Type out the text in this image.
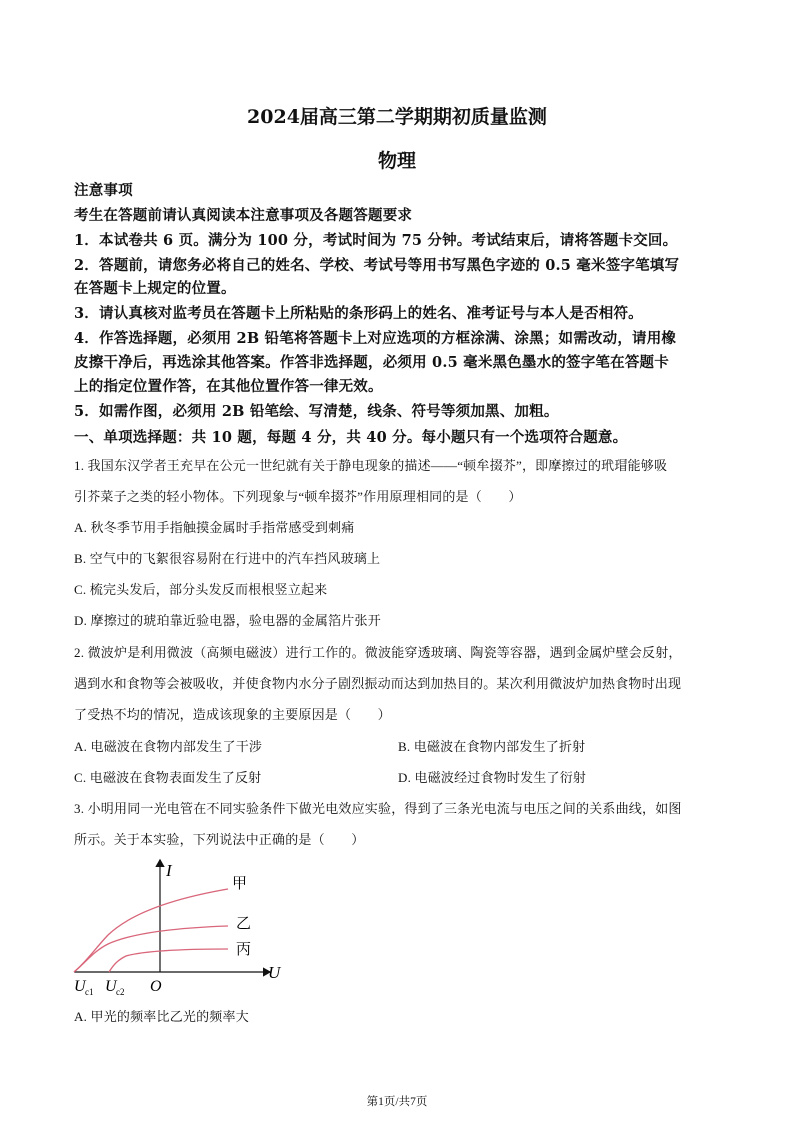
2024届高三第二学期期初质量监测
物理
注意事项
考生在答题前请认真阅读本注意事项及各题答题要求
1．本试卷共 6 页。满分为 100 分，考试时间为 75 分钟。考试结束后，请将答题卡交回。
2．答题前，请您务必将自己的姓名、学校、考试号等用书写黑色字迹的 0.5 毫米签字笔填写
在答题卡上规定的位置。
3．请认真核对监考员在答题卡上所粘贴的条形码上的姓名、准考证号与本人是否相符。
4．作答选择题，必须用 2B 铅笔将答题卡上对应选项的方框涂满、涂黑；如需改动，请用橡
皮擦干净后，再选涂其他答案。作答非选择题，必须用 0.5 毫米黑色墨水的签字笔在答题卡
上的指定位置作答，在其他位置作答一律无效。
5．如需作图，必须用 2B 铅笔绘、写清楚，线条、符号等须加黑、加粗。
一、单项选择题：共 10 题，每题 4 分，共 40 分。每小题只有一个选项符合题意。
1. 我国东汉学者王充早在公元一世纪就有关于静电现象的描述——“顿牟掇芥”，即摩擦过的玳瑁能够吸
引芥菜子之类的轻小物体。下列现象与“顿牟掇芥”作用原理相同的是（　　）
A. 秋冬季节用手指触摸金属时手指常感受到刺痛
B. 空气中的飞絮很容易附在行进中的汽车挡风玻璃上
C. 梳完头发后，部分头发反而根根竖立起来
D. 摩擦过的琥珀靠近验电器，验电器的金属箔片张开
2. 微波炉是利用微波（高频电磁波）进行工作的。微波能穿透玻璃、陶瓷等容器，遇到金属炉壁会反射，
遇到水和食物等会被吸收，并使食物内水分子剧烈振动而达到加热目的。某次利用微波炉加热食物时出现
了受热不均的情况，造成该现象的主要原因是（　　）
A. 电磁波在食物内部发生了干涉	B. 电磁波在食物内部发生了折射
C. 电磁波在食物表面发生了反射	D. 电磁波经过食物时发生了衍射
3. 小明用同一光电管在不同实验条件下做光电效应实验，得到了三条光电流与电压之间的关系曲线，如图
所示。关于本实验，下列说法中正确的是（　　）
I
U
O
U c1 U c2
甲
乙
丙
A. 甲光的频率比乙光的频率大
第1页/共7页
